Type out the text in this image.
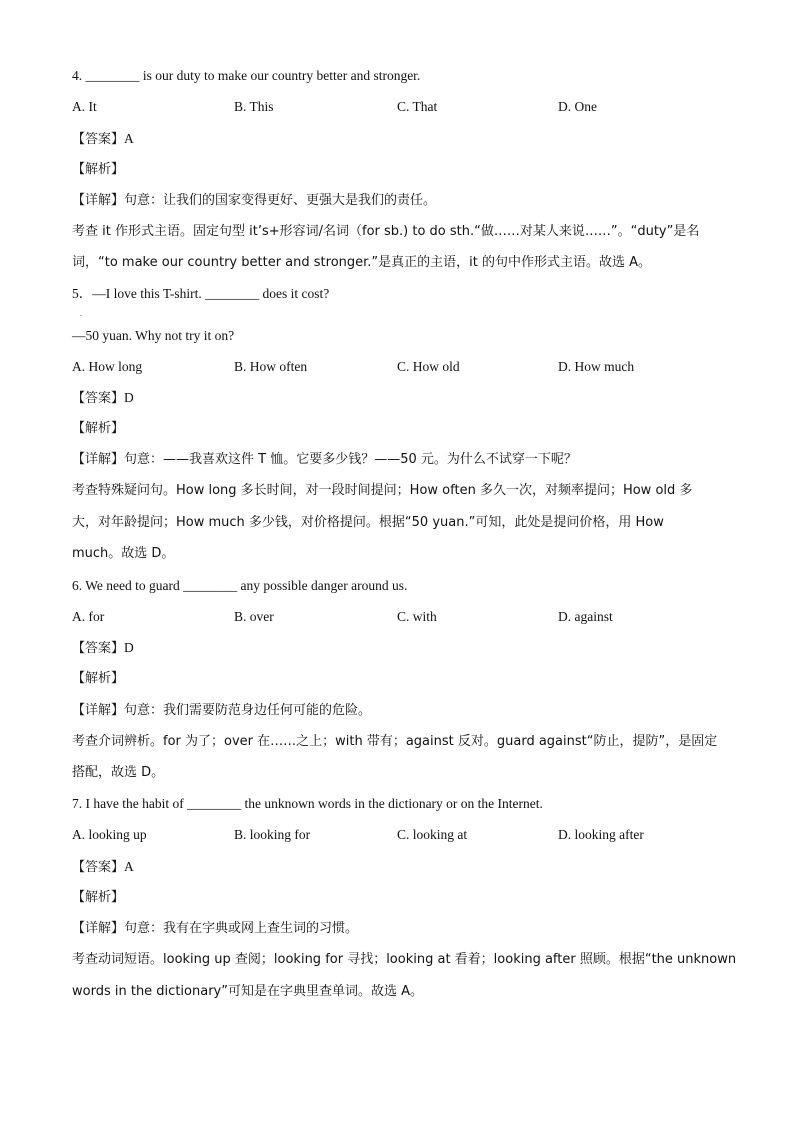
4. ________ is our duty to make our country better and stronger.
A. It	B. This	C. That	D. One
【答案】A
【解析】
【详解】句意：让我们的国家变得更好、更强大是我们的责任。
考查 it 作形式主语。固定句型 it’s+形容词/名词（for sb.) to do sth.“做……对某人来说……”。“duty”是名
词，“to make our country better and stronger.”是真正的主语，it 的句中作形式主语。故选 A。
5．—I love this T-shirt. ________ does it cost?
.
—50 yuan. Why not try it on?
A. How long	B. How often	C. How old	D. How much
【答案】D
【解析】
【详解】句意：——我喜欢这件 T 恤。它要多少钱？——50 元。为什么不试穿一下呢？
考查特殊疑问句。How long 多长时间，对一段时间提问；How often 多久一次，对频率提问；How old 多
大，对年龄提问；How much 多少钱，对价格提问。根据“50 yuan.”可知，此处是提问价格，用 How
much。故选 D。
6. We need to guard ________ any possible danger around us.
A. for	B. over	C. with	D. against
【答案】D
【解析】
【详解】句意：我们需要防范身边任何可能的危险。
考查介词辨析。for 为了；over 在……之上；with 带有；against 反对。guard against“防止，提防”，是固定
搭配，故选 D。
7. I have the habit of ________ the unknown words in the dictionary or on the Internet.
A. looking up	B. looking for	C. looking at	D. looking after
【答案】A
【解析】
【详解】句意：我有在字典或网上查生词的习惯。
考查动词短语。looking up 查阅；looking for 寻找；looking at 看着；looking after 照顾。根据“the unknown
words in the dictionary”可知是在字典里查单词。故选 A。
